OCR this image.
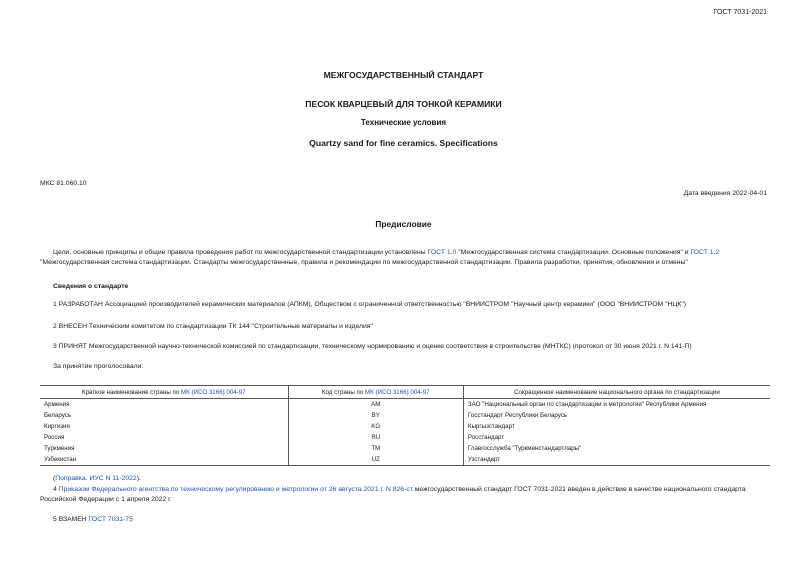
ГОСТ 7031-2021
МЕЖГОСУДАРСТВЕННЫЙ СТАНДАРТ
ПЕСОК КВАРЦЕВЫЙ ДЛЯ ТОНКОЙ КЕРАМИКИ
Технические условия
Quartzy sand for fine ceramics. Specifications
МКС 81.060.10
Дата введения 2022-04-01
Предисловие
Цели, основные принципы и общие правила проведения работ по межгосударственной стандартизации установлены ГОСТ 1.0 "Межгосударственная система стандартизации. Основные положения" и ГОСТ 1.2 "Межгосударственная система стандартизации. Стандарты межгосударственные, правила и рекомендации по межгосударственной стандартизации. Правила разработки, принятия, обновления и отмены"
Сведения о стандарте
1 РАЗРАБОТАН Ассоциацией производителей керамических материалов (АПКМ), Обществом с ограниченной ответственностью "ВНИИСТРОМ "Научный центр керамики" (ООО "ВНИИСТРОМ "НЦК")
2 ВНЕСЕН Техническим комитетом по стандартизации ТК 144 "Строительные материалы и изделия"
3 ПРИНЯТ Межгосударственной научно-технической комиссией по стандартизации, техническому нормированию и оценке соответствия в строительстве (МНТКС) (протокол от 30 июня 2021 г. N 141-П)
За принятие проголосовали:
Краткое наименование страны по МК (ИСО 3166) 004-97	Код страны по МК (ИСО 3166) 004-97	Сокращенное наименование национального органа по стандартизации
Армения	AM	ЗАО "Национальный орган по стандартизации и метрологии" Республики Армения
Беларусь	BY	Госстандарт Республики Беларусь
Киргизия	KG	Кыргызстандарт
Россия	RU	Росстандарт
Туркмения	TM	Главгосслужба "Туркменстандартлары"
Узбекистан	UZ	Узстандарт
(Поправка. ИУС N 11-2022).
4 Приказом Федерального агентства по техническому регулированию и метрологии от 26 августа 2021 г. N 826-ст межгосударственный стандарт ГОСТ 7031-2021 введен в действие в качестве национального стандарта Российской Федерации с 1 апреля 2022 г.
5 ВЗАМЕН ГОСТ 7031-75
